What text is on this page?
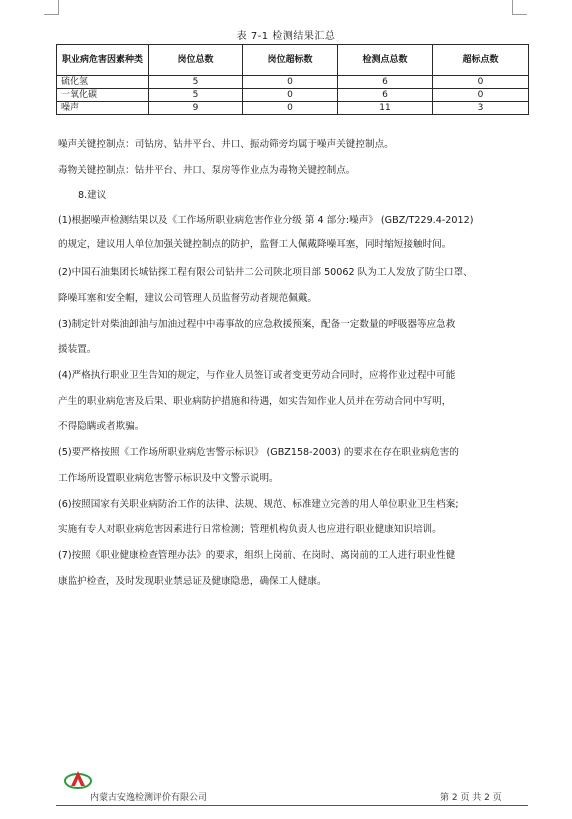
表 7-1 检测结果汇总
职业病危害因素种类	岗位总数	岗位超标数	检测点总数	超标点数
硫化氢	5	0	6	0
一氧化碳	5	0	6	0
噪声	9	0	11	3
噪声关键控制点：司钻房、钻井平台、井口、振动筛旁均属于噪声关键控制点。
毒物关键控制点：钻井平台、井口、泵房等作业点为毒物关键控制点。
8.建议
(1)根据噪声检测结果以及《工作场所职业病危害作业分级 第 4 部分:噪声》 (GBZ/T229.4-2012)
的规定，建议用人单位加强关键控制点的防护，监督工人佩戴降噪耳塞，同时缩短接触时间。
(2)中国石油集团长城钻探工程有限公司钻井二公司陕北项目部 50062 队为工人发放了防尘口罩、
降噪耳塞和安全帽，建议公司管理人员监督劳动者规范佩戴。
(3)制定针对柴油卸油与加油过程中中毒事故的应急救援预案，配备一定数量的呼吸器等应急救
援装置。
(4)严格执行职业卫生告知的规定，与作业人员签订或者变更劳动合同时，应将作业过程中可能
产生的职业病危害及后果、职业病防护措施和待遇，如实告知作业人员并在劳动合同中写明，
不得隐瞒或者欺骗。
(5)要严格按照《工作场所职业病危害警示标识》 (GBZ158-2003) 的要求在存在职业病危害的
工作场所设置职业病危害警示标识及中文警示说明。
(6)按照国家有关职业病防治工作的法律、法规、规范、标准建立完善的用人单位职业卫生档案;
实施有专人对职业病危害因素进行日常检测；管理机构负责人也应进行职业健康知识培训。
(7)按照《职业健康检查管理办法》的要求，组织上岗前、在岗时、离岗前的工人进行职业性健
康监护检查，及时发现职业禁忌证及健康隐患，确保工人健康。
内蒙古安逸检测评价有限公司	第 2 页 共 2 页
